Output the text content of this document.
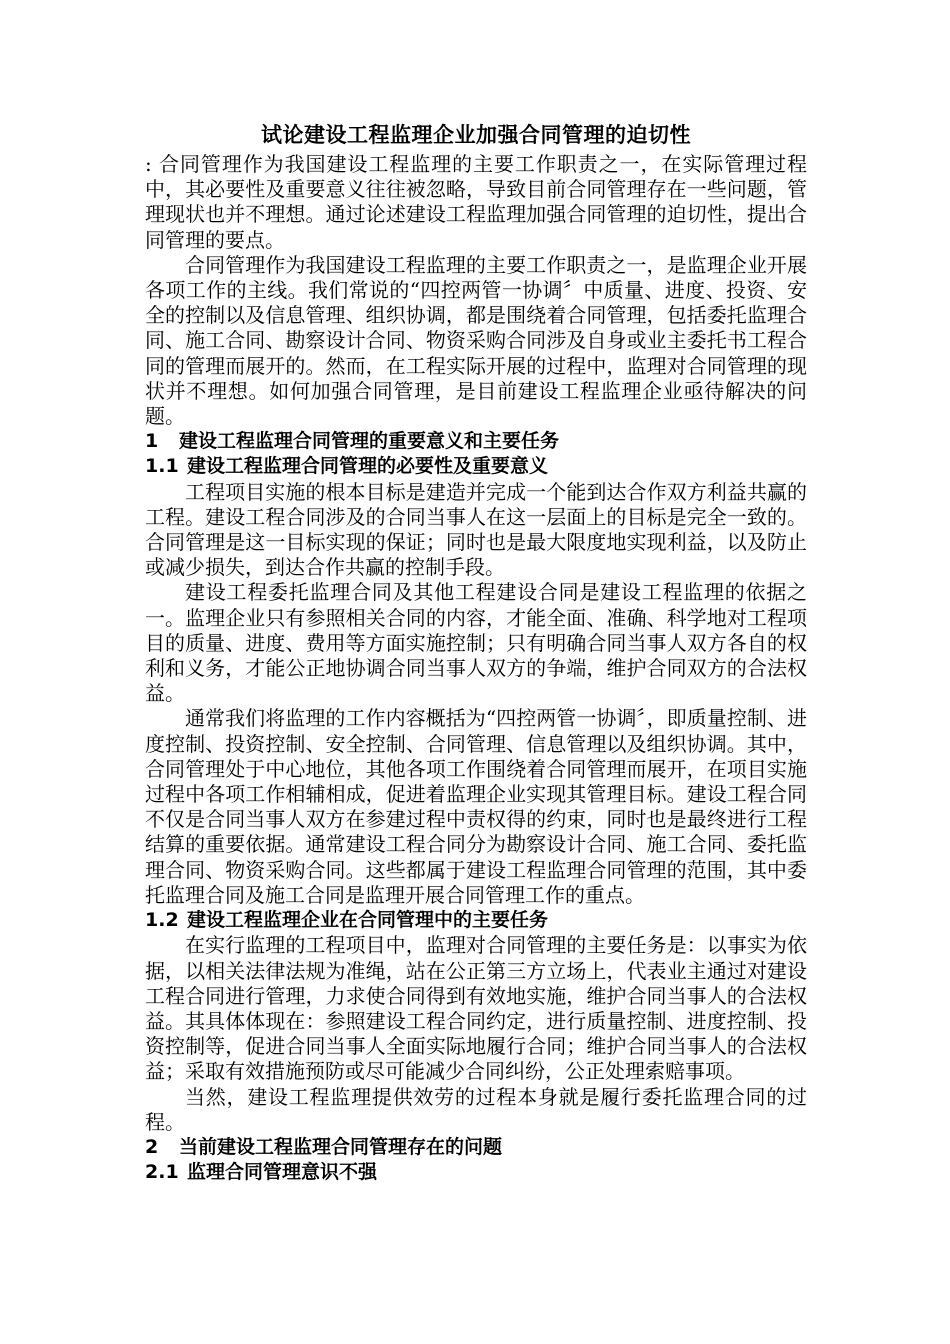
试论建设工程监理企业加强合同管理的迫切性

: 合同管理作为我国建设工程监理的主要工作职责之一，在实际管理过程中，其必要性及重要意义往往被忽略，导致目前合同管理存在一些问题，管理现状也并不理想。通过论述建设工程监理加强合同管理的迫切性，提出合同管理的要点。

合同管理作为我国建设工程监理的主要工作职责之一，是监理企业开展各项工作的主线。我们常说的“四控两管一协调〞中质量、进度、投资、安全的控制以及信息管理、组织协调，都是围绕着合同管理，包括委托监理合同、施工合同、勘察设计合同、物资采购合同涉及自身或业主委托书工程合同的管理而展开的。然而，在工程实际开展的过程中，监理对合同管理的现状并不理想。如何加强合同管理，是目前建设工程监理企业亟待解决的问题。

1 建设工程监理合同管理的重要意义和主要任务
1.1 建设工程监理合同管理的必要性及重要意义

工程项目实施的根本目标是建造并完成一个能到达合作双方利益共赢的工程。建设工程合同涉及的合同当事人在这一层面上的目标是完全一致的。合同管理是这一目标实现的保证；同时也是最大限度地实现利益，以及防止或减少损失，到达合作共赢的控制手段。

建设工程委托监理合同及其他工程建设合同是建设工程监理的依据之一。监理企业只有参照相关合同的内容，才能全面、准确、科学地对工程项目的质量、进度、费用等方面实施控制；只有明确合同当事人双方各自的权利和义务，才能公正地协调合同当事人双方的争端，维护合同双方的合法权益。

通常我们将监理的工作内容概括为“四控两管一协调〞，即质量控制、进度控制、投资控制、安全控制、合同管理、信息管理以及组织协调。其中，合同管理处于中心地位，其他各项工作围绕着合同管理而展开，在项目实施过程中各项工作相辅相成，促进着监理企业实现其管理目标。建设工程合同不仅是合同当事人双方在参建过程中责权得的约束，同时也是最终进行工程结算的重要依据。通常建设工程合同分为勘察设计合同、施工合同、委托监理合同、物资采购合同。这些都属于建设工程监理合同管理的范围，其中委托监理合同及施工合同是监理开展合同管理工作的重点。

1.2 建设工程监理企业在合同管理中的主要任务

在实行监理的工程项目中，监理对合同管理的主要任务是：以事实为依据，以相关法律法规为准绳，站在公正第三方立场上，代表业主通过对建设工程合同进行管理，力求使合同得到有效地实施，维护合同当事人的合法权益。其具体体现在：参照建设工程合同约定，进行质量控制、进度控制、投资控制等，促进合同当事人全面实际地履行合同；维护合同当事人的合法权益；采取有效措施预防或尽可能减少合同纠纷，公正处理索赔事项。

当然，建设工程监理提供效劳的过程本身就是履行委托监理合同的过程。

2 当前建设工程监理合同管理存在的问题
2.1 监理合同管理意识不强
